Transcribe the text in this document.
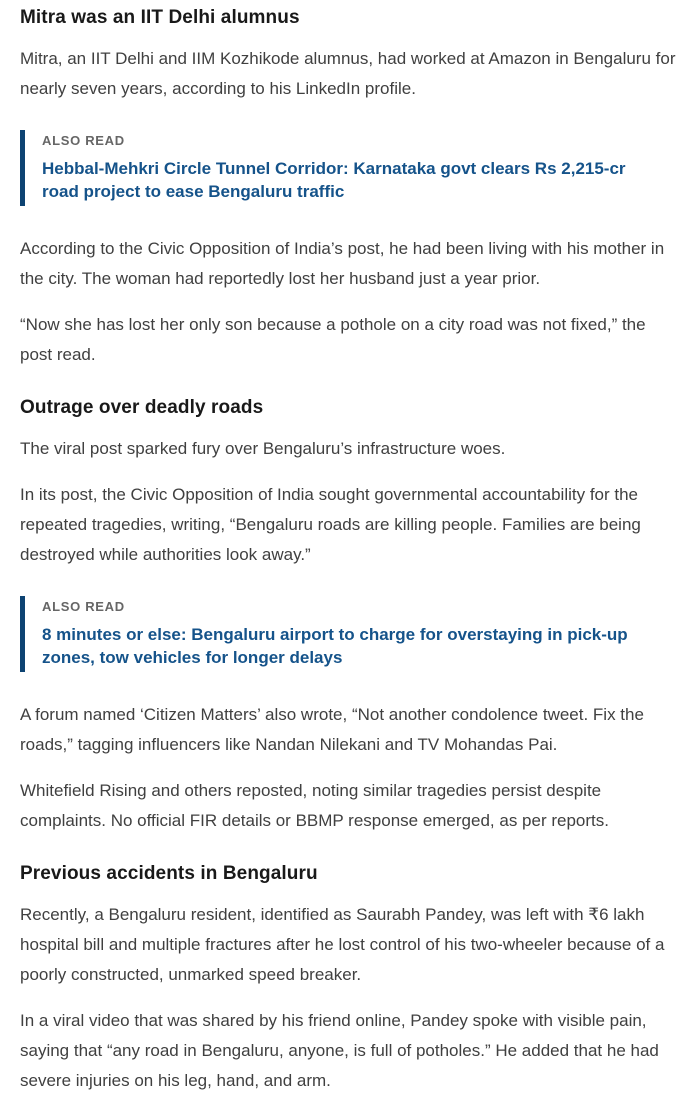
Mitra was an IIT Delhi alumnus

Mitra, an IIT Delhi and IIM Kozhikode alumnus, had worked at Amazon in Bengaluru for nearly seven years, according to his LinkedIn profile.

ALSO READ
Hebbal-Mehkri Circle Tunnel Corridor: Karnataka govt clears Rs 2,215-cr road project to ease Bengaluru traffic

According to the Civic Opposition of India’s post, he had been living with his mother in the city. The woman had reportedly lost her husband just a year prior.

“Now she has lost her only son because a pothole on a city road was not fixed,” the post read.

Outrage over deadly roads

The viral post sparked fury over Bengaluru’s infrastructure woes.

In its post, the Civic Opposition of India sought governmental accountability for the repeated tragedies, writing, “Bengaluru roads are killing people. Families are being destroyed while authorities look away.”

ALSO READ
8 minutes or else: Bengaluru airport to charge for overstaying in pick-up zones, tow vehicles for longer delays

A forum named ‘Citizen Matters’ also wrote, “Not another condolence tweet. Fix the roads,” tagging influencers like Nandan Nilekani and TV Mohandas Pai.

Whitefield Rising and others reposted, noting similar tragedies persist despite complaints. No official FIR details or BBMP response emerged, as per reports.

Previous accidents in Bengaluru

Recently, a Bengaluru resident, identified as Saurabh Pandey, was left with ₹6 lakh hospital bill and multiple fractures after he lost control of his two-wheeler because of a poorly constructed, unmarked speed breaker.

In a viral video that was shared by his friend online, Pandey spoke with visible pain, saying that “any road in Bengaluru, anyone, is full of potholes.” He added that he had severe injuries on his leg, hand, and arm.
